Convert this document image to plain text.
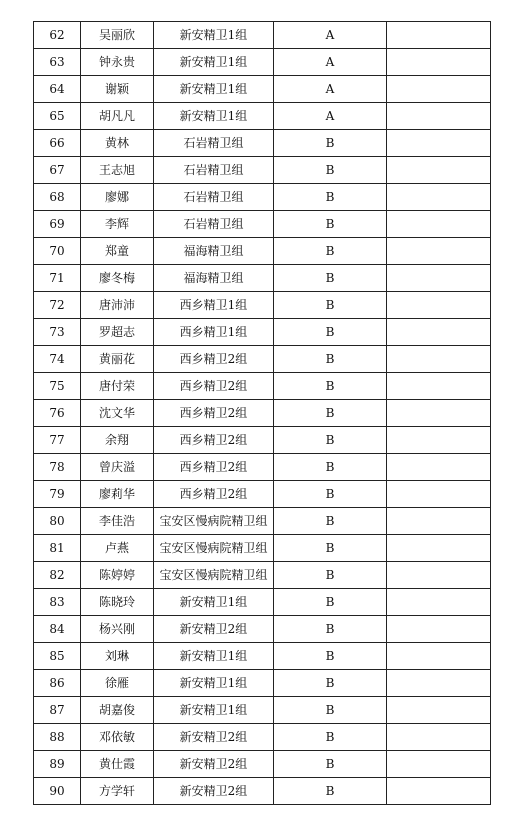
62	吴丽欣	新安精卫1组	A	
63	钟永贵	新安精卫1组	A	
64	谢颖	新安精卫1组	A	
65	胡凡凡	新安精卫1组	A	
66	黄林	石岩精卫组	B	
67	王志旭	石岩精卫组	B	
68	廖娜	石岩精卫组	B	
69	李辉	石岩精卫组	B	
70	郑童	福海精卫组	B	
71	廖冬梅	福海精卫组	B	
72	唐沛沛	西乡精卫1组	B	
73	罗超志	西乡精卫1组	B	
74	黄丽花	西乡精卫2组	B	
75	唐付荣	西乡精卫2组	B	
76	沈文华	西乡精卫2组	B	
77	余翔	西乡精卫2组	B	
78	曾庆溢	西乡精卫2组	B	
79	廖莉华	西乡精卫2组	B	
80	李佳浩	宝安区慢病院精卫组	B	
81	卢燕	宝安区慢病院精卫组	B	
82	陈婷婷	宝安区慢病院精卫组	B	
83	陈晓玲	新安精卫1组	B	
84	杨兴刚	新安精卫2组	B	
85	刘琳	新安精卫1组	B	
86	徐雁	新安精卫1组	B	
87	胡嘉俊	新安精卫1组	B	
88	邓依敏	新安精卫2组	B	
89	黄仕霞	新安精卫2组	B	
90	方学轩	新安精卫2组	B	
